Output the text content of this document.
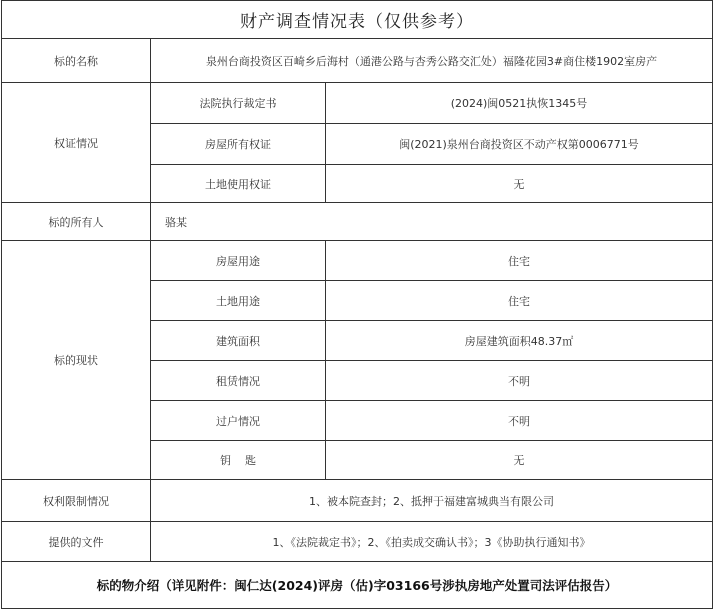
财产调查情况表（仅供参考）		
标的名称	泉州台商投资区百崎乡后海村（通港公路与杏秀公路交汇处）福隆花园3#商住楼1902室房产	
权证情况	法院执行裁定书	(2024)闽0521执恢1345号
	房屋所有权证	闽(2021)泉州台商投资区不动产权第0006771号
	土地使用权证	无
标的所有人	骆某	
标的现状	房屋用途	住宅
	土地用途	住宅
	建筑面积	房屋建筑面积48.37㎡
	租赁情况	不明
	过户情况	不明
	钥    匙	无
权利限制情况	1、被本院查封；2、抵押于福建富城典当有限公司	
提供的文件	1、《法院裁定书》；2、《拍卖成交确认书》；3《协助执行通知书》	
标的物介绍（详见附件：闽仁达(2024)评房（估)字03166号涉执房地产处置司法评估报告）		
